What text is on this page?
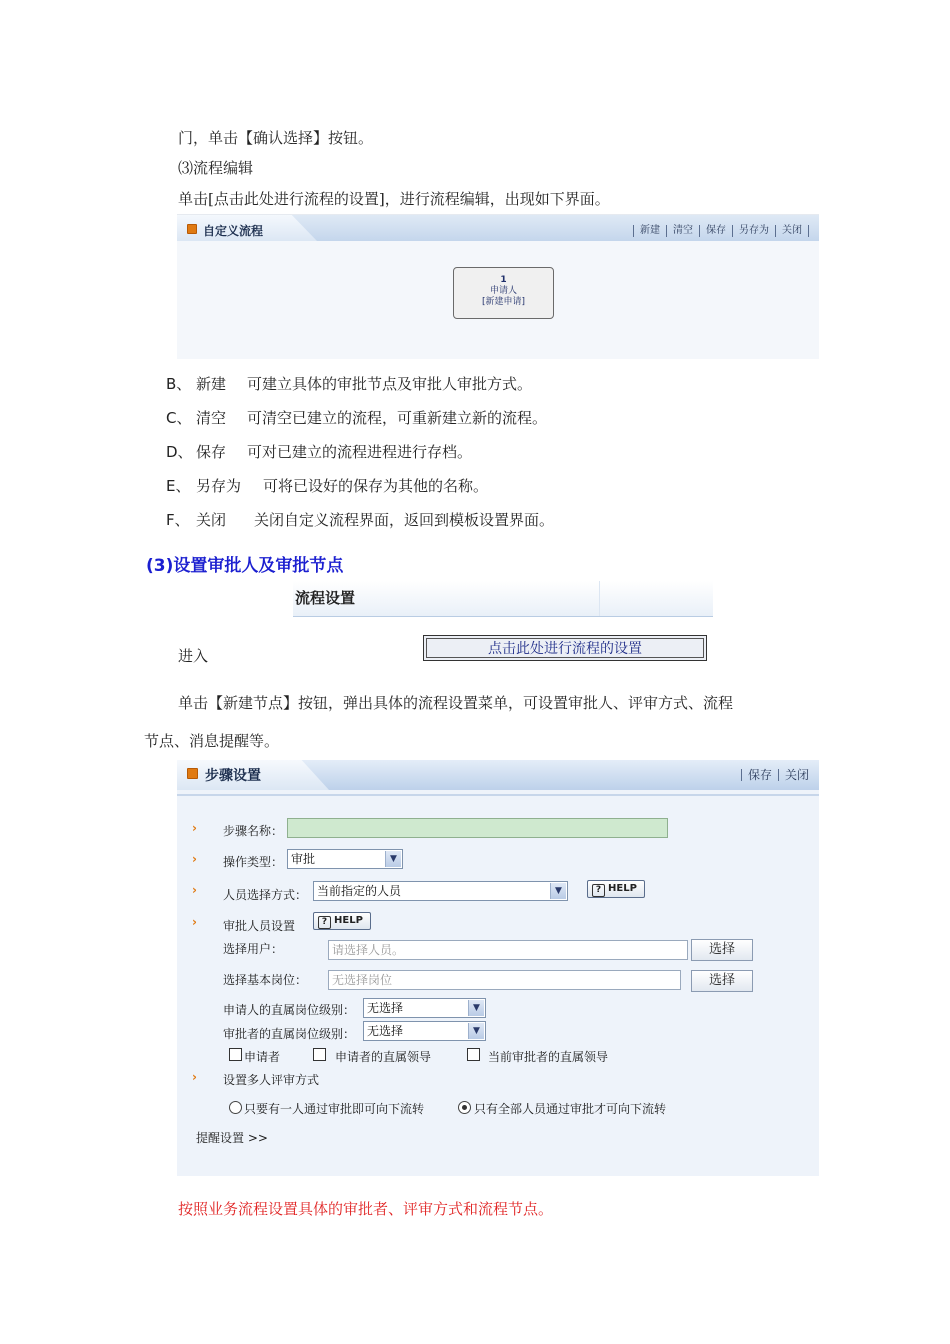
门，单击【确认选择】按钮。
⑶流程编辑
单击[点击此处进行流程的设置]，进行流程编辑，出现如下界面。
自定义流程	新建	清空	保存	另存为	关闭
1
申请人
[新建申请]
B、 新建 可建立具体的审批节点及审批人审批方式。
C、 清空 可清空已建立的流程，可重新建立新的流程。
D、 保存 可对已建立的流程进程进行存档。
E、 另存为 可将已设好的保存为其他的名称。
F、 关闭 关闭自定义流程界面，返回到模板设置界面。
(3)设置审批人及审批节点
流程设置
进入	点击此处进行流程的设置
单击【新建节点】按钮，弹出具体的流程设置菜单，可设置审批人、评审方式、流程
节点、消息提醒等。
步骤设置	保存	关闭
› 步骤名称：
› 操作类型： 审批	▼
› 人员选择方式： 当前指定的人员	▼	? HELP
› 审批人员设置	? HELP
选择用户：	请选择人员。	选择
选择基本岗位：	无选择岗位	选择
申请人的直属岗位级别： 无选择	▼
审批者的直属岗位级别： 无选择	▼
申请者	申请者的直属领导	当前审批者的直属领导
› 设置多人评审方式
只要有一人通过审批即可向下流转	只有全部人员通过审批才可向下流转
提醒设置 >>
按照业务流程设置具体的审批者、评审方式和流程节点。
